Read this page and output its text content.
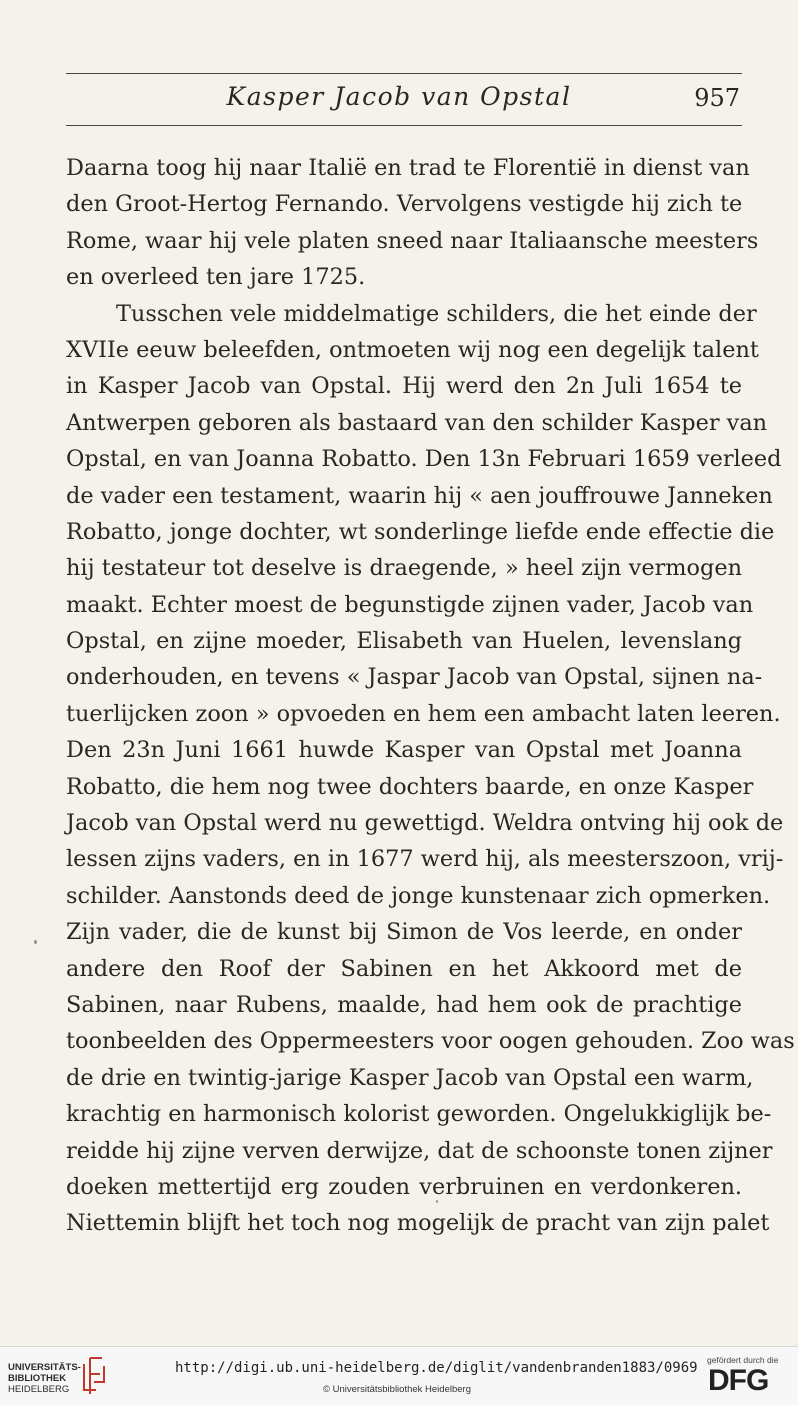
Kasper Jacob van Opstal	957
Daarna toog hij naar Italië en trad te Florentië in dienst van
den Groot-Hertog Fernando. Vervolgens vestigde hij zich te
Rome, waar hij vele platen sneed naar Italiaansche meesters
en overleed ten jare 1725.
Tusschen vele middelmatige schilders, die het einde der
XVIIe eeuw beleefden, ontmoeten wij nog een degelijk talent
in Kasper Jacob van Opstal. Hij werd den 2n Juli 1654 te
Antwerpen geboren als bastaard van den schilder Kasper van
Opstal, en van Joanna Robatto. Den 13n Februari 1659 verleed
de vader een testament, waarin hij « aen jouffrouwe Janneken
Robatto, jonge dochter, wt sonderlinge liefde ende effectie die
hij testateur tot deselve is draegende, » heel zijn vermogen
maakt. Echter moest de begunstigde zijnen vader, Jacob van
Opstal, en zijne moeder, Elisabeth van Huelen, levenslang
onderhouden, en tevens « Jaspar Jacob van Opstal, sijnen na-
tuerlijcken zoon » opvoeden en hem een ambacht laten leeren.
Den 23n Juni 1661 huwde Kasper van Opstal met Joanna
Robatto, die hem nog twee dochters baarde, en onze Kasper
Jacob van Opstal werd nu gewettigd. Weldra ontving hij ook de
lessen zijns vaders, en in 1677 werd hij, als meesterszoon, vrij-
schilder. Aanstonds deed de jonge kunstenaar zich opmerken.
Zijn vader, die de kunst bij Simon de Vos leerde, en onder
andere den Roof der Sabinen en het Akkoord met de
Sabinen, naar Rubens, maalde, had hem ook de prachtige
toonbeelden des Oppermeesters voor oogen gehouden. Zoo was
de drie en twintig-jarige Kasper Jacob van Opstal een warm,
krachtig en harmonisch kolorist geworden. Ongelukkiglijk be-
reidde hij zijne verven derwijze, dat de schoonste tonen zijner
doeken mettertijd erg zouden verbruinen en verdonkeren.
Niettemin blijft het toch nog mogelijk de pracht van zijn palet
UNIVERSITÄTS-
BIBLIOTHEK
HEIDELBERG
http://digi.ub.uni-heidelberg.de/diglit/vandenbranden1883/0969
© Universitätsbibliothek Heidelberg
gefördert durch die
DFG
